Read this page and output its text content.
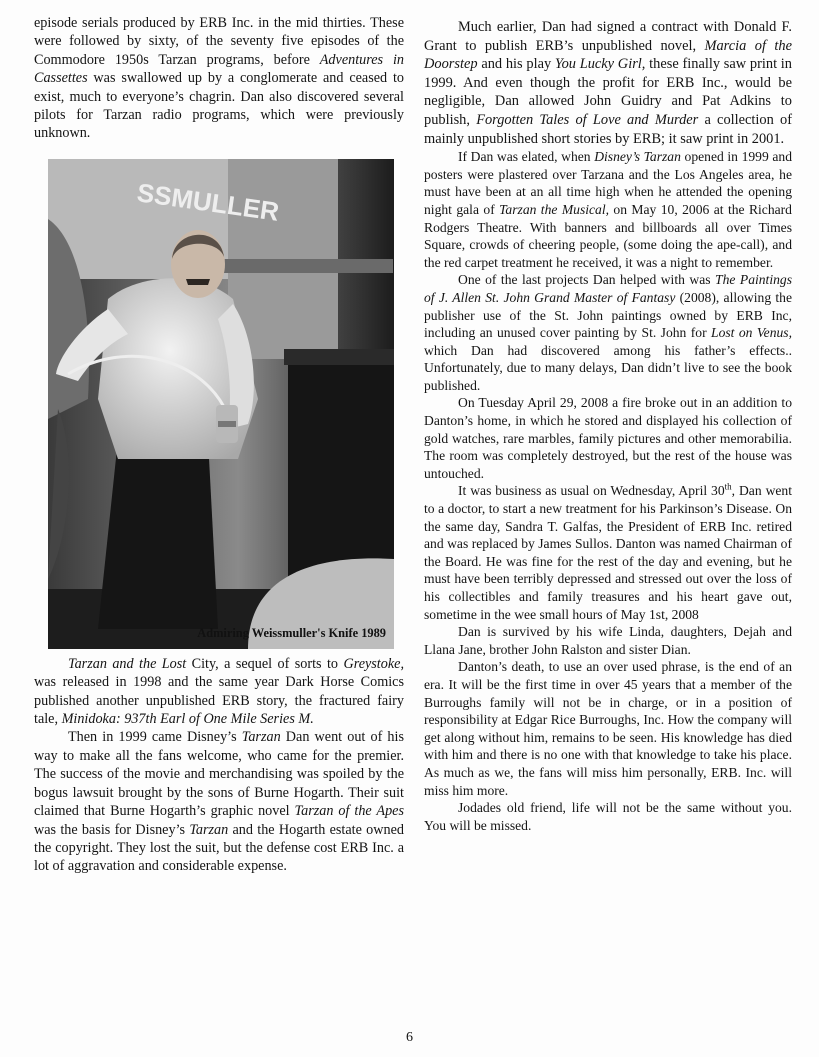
episode serials produced by ERB Inc. in the mid thirties. These were followed by sixty, of the seventy five episodes of the Commodore 1950s Tarzan programs, before Adventures in Cassettes was swallowed up by a conglomerate and ceased to exist, much to everyone’s chagrin. Dan also discovered several pilots for Tarzan radio programs, which were previously unknown.

SSMULLER
Admiring Weissmuller's Knife 1989

Tarzan and the Lost City, a sequel of sorts to Greystoke, was released in 1998 and the same year Dark Horse Comics published another unpublished ERB story, the fractured fairy tale, Minidoka: 937th Earl of One Mile Series M.

Then in 1999 came Disney’s Tarzan Dan went out of his way to make all the fans welcome, who came for the premier. The success of the movie and merchandising was spoiled by the bogus lawsuit brought by the sons of Burne Hogarth. Their suit claimed that Burne Hogarth’s graphic novel Tarzan of the Apes was the basis for Disney’s Tarzan and the Hogarth estate owned the copyright. They lost the suit, but the defense cost ERB Inc. a lot of aggravation and considerable expense.

Much earlier, Dan had signed a contract with Donald F. Grant to publish ERB’s unpublished novel, Marcia of the Doorstep and his play You Lucky Girl, these finally saw print in 1999. And even though the profit for ERB Inc., would be negligible, Dan allowed John Guidry and Pat Adkins to publish, Forgotten Tales of Love and Murder a collection of mainly unpublished short stories by ERB; it saw print in 2001.

If Dan was elated, when Disney’s Tarzan opened in 1999 and posters were plastered over Tarzana and the Los Angeles area, he must have been at an all time high when he attended the opening night gala of Tarzan the Musical, on May 10, 2006 at the Richard Rodgers Theatre. With banners and billboards all over Times Square, crowds of cheering people, (some doing the ape-call), and the red carpet treatment he received, it was a night to remember.

One of the last projects Dan helped with was The Paintings of J. Allen St. John Grand Master of Fantasy (2008), allowing the publisher use of the St. John paintings owned by ERB Inc, including an unused cover painting by St. John for Lost on Venus, which Dan had discovered among his father’s effects.. Unfortunately, due to many delays, Dan didn’t live to see the book published.

On Tuesday April 29, 2008 a fire broke out in an addition to Danton’s home, in which he stored and displayed his collection of gold watches, rare marbles, family pictures and other memorabilia. The room was completely destroyed, but the rest of the house was untouched.

It was business as usual on Wednesday, April 30th, Dan went to a doctor, to start a new treatment for his Parkinson’s Disease. On the same day, Sandra T. Galfas, the President of ERB Inc. retired and was replaced by James Sullos. Danton was named Chairman of the Board. He was fine for the rest of the day and evening, but he must have been terribly depressed and stressed out over the loss of his collectibles and family treasures and his heart gave out, sometime in the wee small hours of May 1st, 2008

Dan is survived by his wife Linda, daughters, Dejah and Llana Jane, brother John Ralston and sister Dian.

Danton’s death, to use an over used phrase, is the end of an era. It will be the first time in over 45 years that a member of the Burroughs family will not be in charge, or in a position of responsibility at Edgar Rice Burroughs, Inc. How the company will get along without him, remains to be seen. His knowledge has died with him and there is no one with that knowledge to take his place. As much as we, the fans will miss him personally, ERB. Inc. will miss him more.

Jodades old friend, life will not be the same without you. You will be missed.

6
